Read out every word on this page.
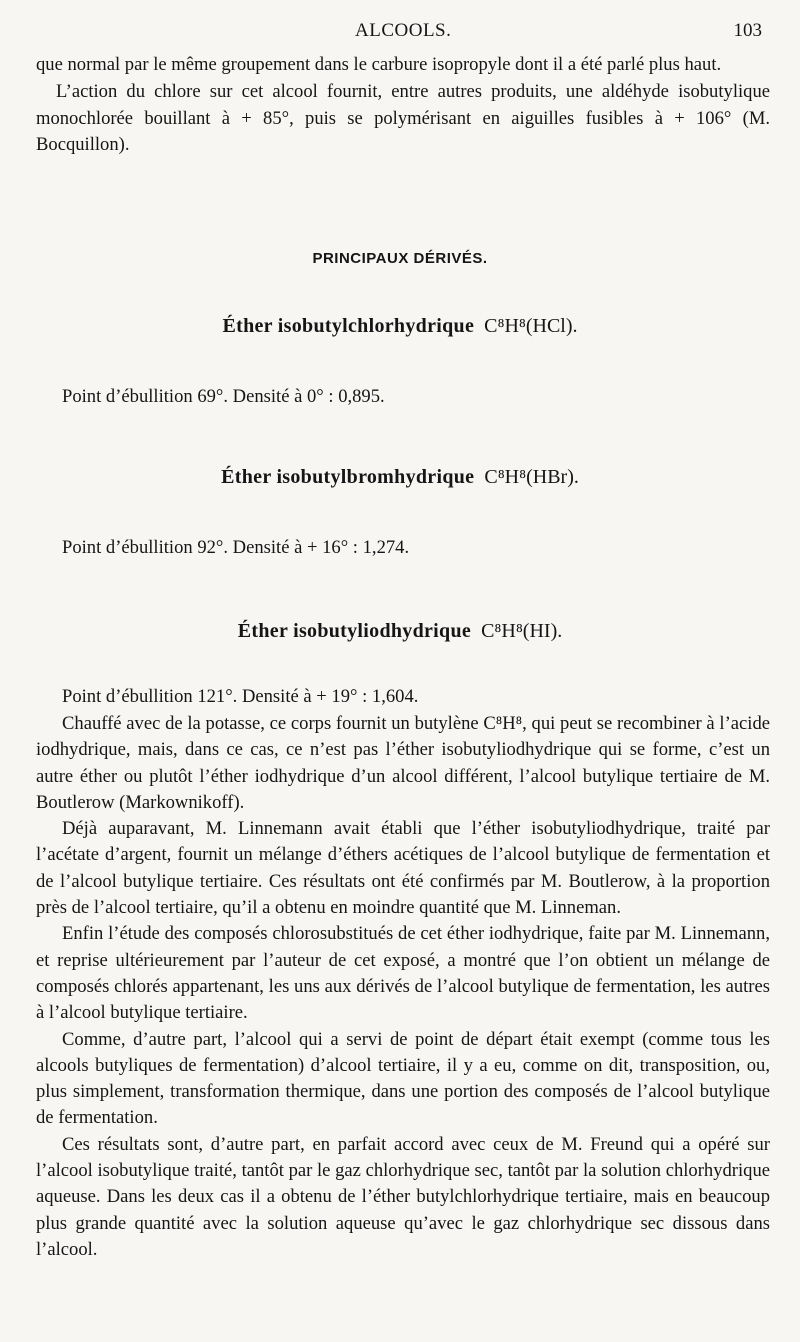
ALCOOLS.	103

que normal par le même groupement dans le carbure isopropyle dont il a été parlé plus haut.

L’action du chlore sur cet alcool fournit, entre autres produits, une aldéhyde isobutylique monochlorée bouillant à + 85°, puis se polymérisant en aiguilles fusibles à + 106° (M. Bocquillon).

PRINCIPAUX DÉRIVÉS.
Éther isobutylchlorhydrique C⁸H⁸(HCl).
Point d’ébullition 69°. Densité à 0° : 0,895.
Éther isobutylbromhydrique C⁸H⁸(HBr).
Point d’ébullition 92°. Densité à + 16° : 1,274.
Éther isobutyliodhydrique C⁸H⁸(HI).
Point d’ébullition 121°. Densité à + 19° : 1,604.

Chauffé avec de la potasse, ce corps fournit un butylène C⁸H⁸, qui peut se recombiner à l’acide iodhydrique, mais, dans ce cas, ce n’est pas l’éther isobutyliodhydrique qui se forme, c’est un autre éther ou plutôt l’éther iodhydrique d’un alcool différent, l’alcool butylique tertiaire de M. Boutlerow (Markownikoff).

Déjà auparavant, M. Linnemann avait établi que l’éther isobutyliodhydrique, traité par l’acétate d’argent, fournit un mélange d’éthers acétiques de l’alcool butylique de fermentation et de l’alcool butylique tertiaire. Ces résultats ont été confirmés par M. Boutlerow, à la proportion près de l’alcool tertiaire, qu’il a obtenu en moindre quantité que M. Linneman.

Enfin l’étude des composés chlorosubstitués de cet éther iodhydrique, faite par M. Linnemann, et reprise ultérieurement par l’auteur de cet exposé, a montré que l’on obtient un mélange de composés chlorés appartenant, les uns aux dérivés de l’alcool butylique de fermentation, les autres à l’alcool butylique tertiaire.

Comme, d’autre part, l’alcool qui a servi de point de départ était exempt (comme tous les alcools butyliques de fermentation) d’alcool tertiaire, il y a eu, comme on dit, transposition, ou, plus simplement, transformation thermique, dans une portion des composés de l’alcool butylique de fermentation.

Ces résultats sont, d’autre part, en parfait accord avec ceux de M. Freund qui a opéré sur l’alcool isobutylique traité, tantôt par le gaz chlorhydrique sec, tantôt par la solution chlorhydrique aqueuse. Dans les deux cas il a obtenu de l’éther butylchlorhydrique tertiaire, mais en beaucoup plus grande quantité avec la solution aqueuse qu’avec le gaz chlorhydrique sec dissous dans l’alcool.
